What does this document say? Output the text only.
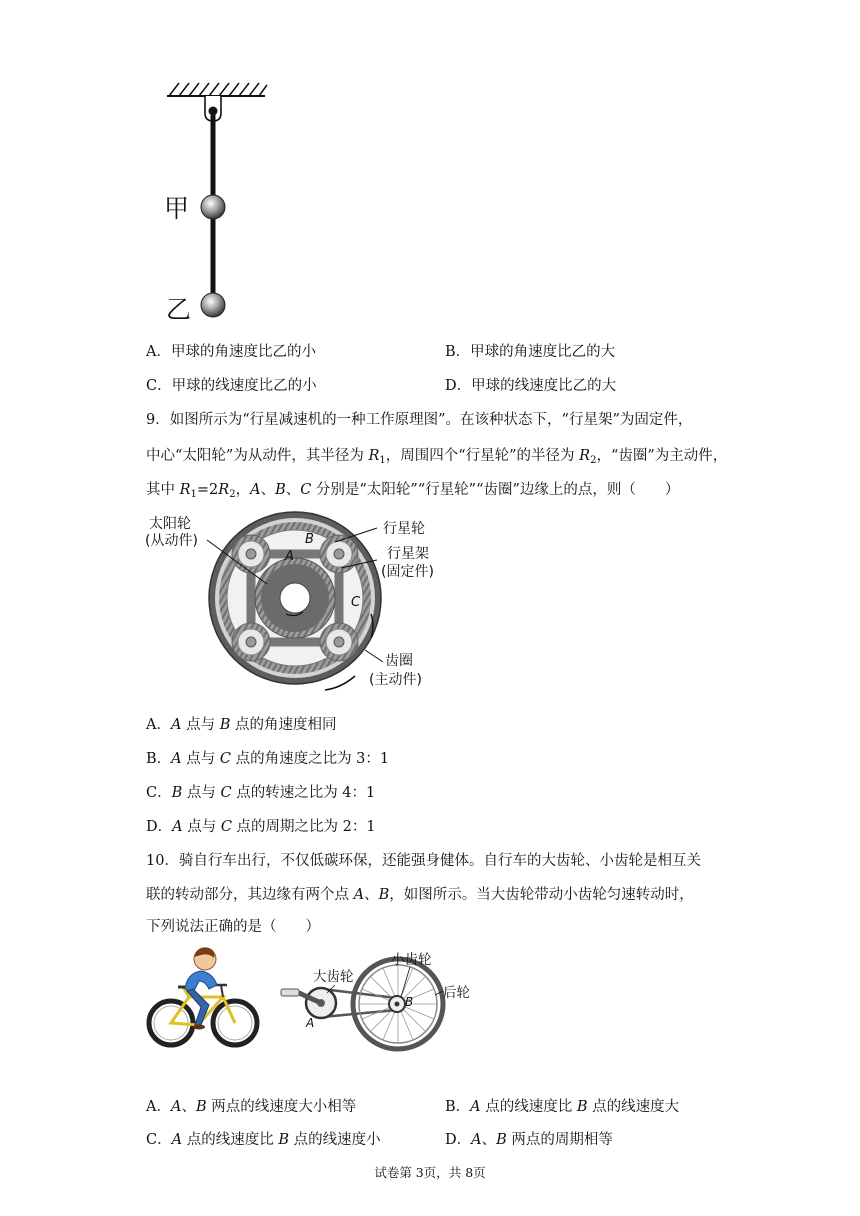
甲
乙
A．甲球的角速度比乙的小	B．甲球的角速度比乙的大
C．甲球的线速度比乙的小	D．甲球的线速度比乙的大
9．如图所示为“行星减速机的一种工作原理图”。在该种状态下，“行星架”为固定件，
中心“太阳轮”为从动件，其半径为 $R_1$，周围四个“行星轮”的半径为 $R_2$，“齿圈”为主动件，
其中 $R_1=2R_2$，A、B、C 分别是“太阳轮”“行星轮”“齿圈”边缘上的点，则（　　）
太阳轮
(从动件)
行星轮
行星架
(固定件)
齿圈
(主动件)
A
B
C
A．A 点与 B 点的角速度相同
B．A 点与 C 点的角速度之比为 3：1
C．B 点与 C 点的转速之比为 4：1
D．A 点与 C 点的周期之比为 2：1
10．骑自行车出行，不仅低碳环保，还能强身健体。自行车的大齿轮、小齿轮是相互关
联的转动部分，其边缘有两个点 A、B，如图所示。当大齿轮带动小齿轮匀速转动时，
下列说法正确的是（　　）
大齿轮
小齿轮
后轮
A
B
A．A、B 两点的线速度大小相等	B．A 点的线速度比 B 点的线速度大
C．A 点的线速度比 B 点的线速度小	D．A、B 两点的周期相等
试卷第 3页，共 8页
